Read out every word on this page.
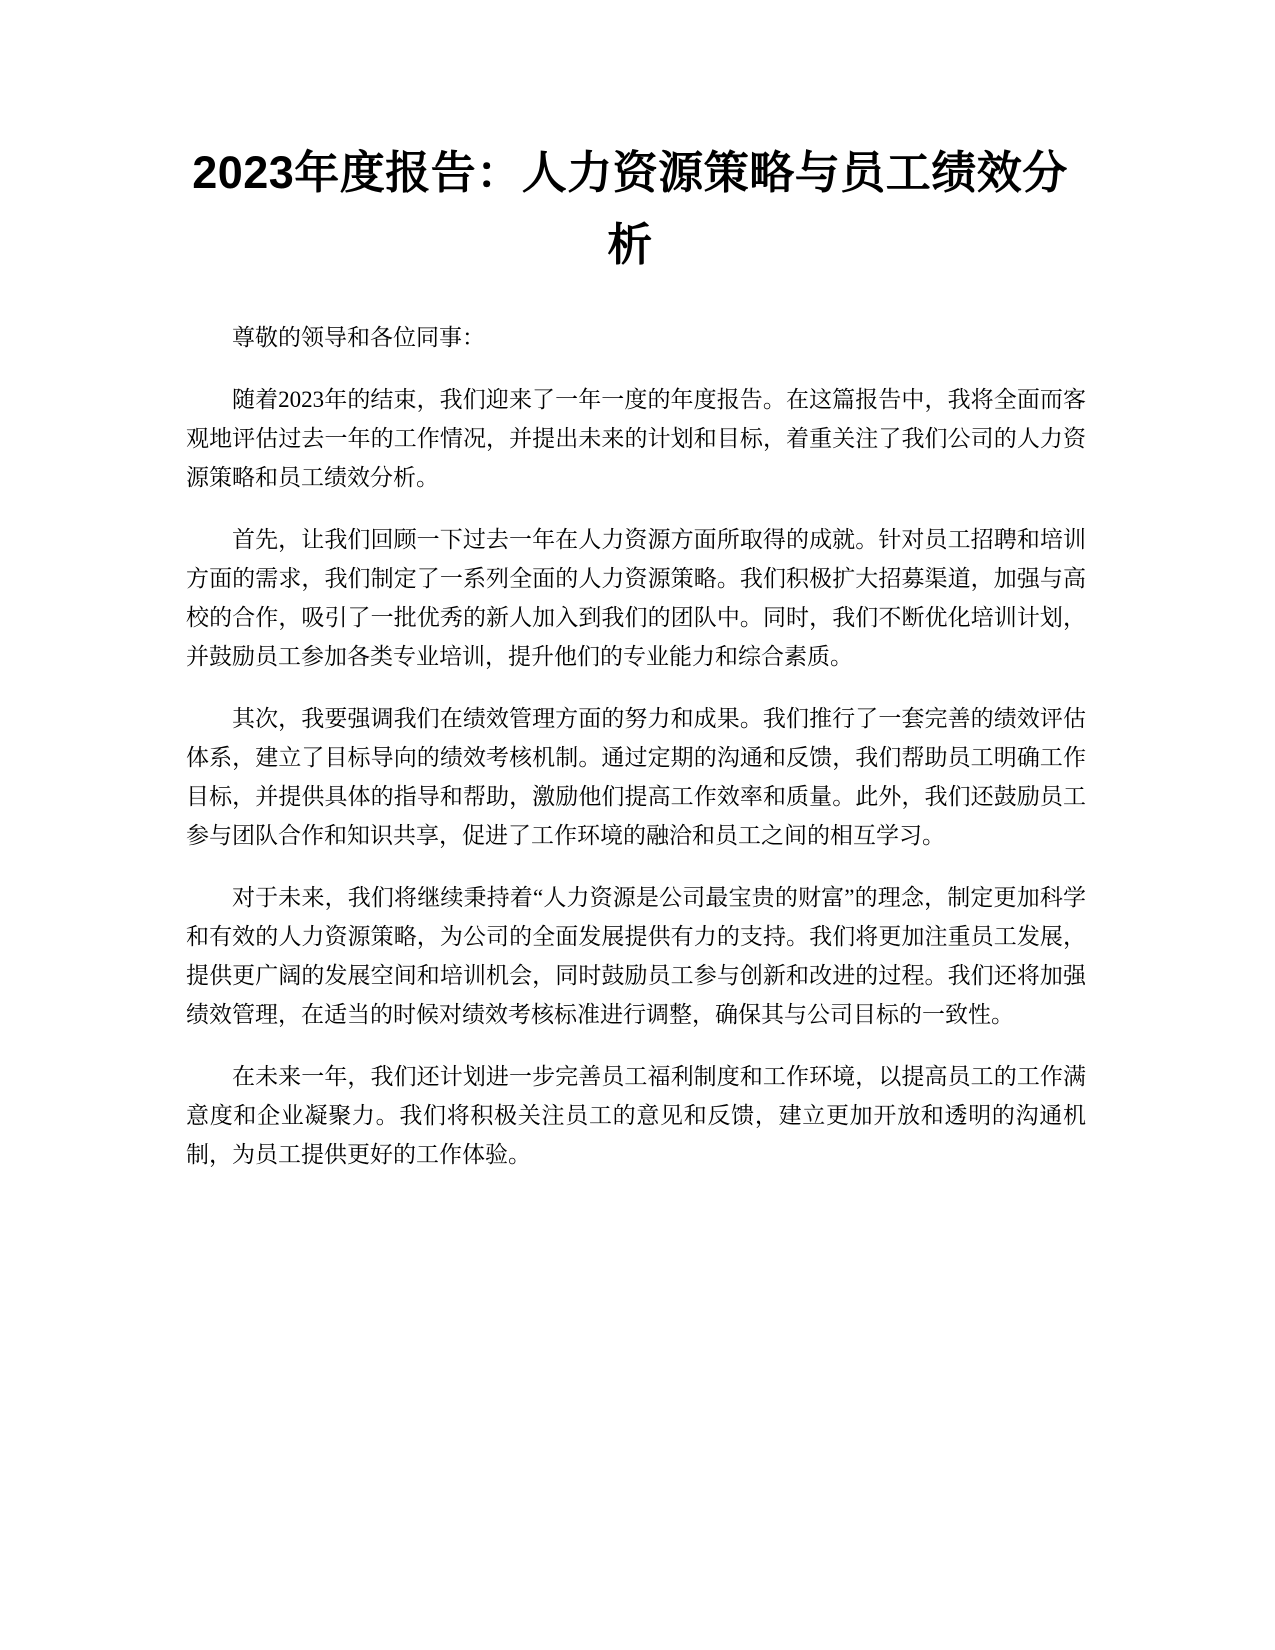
2023年度报告：人力资源策略与员工绩效分析

尊敬的领导和各位同事：

随着2023年的结束，我们迎来了一年一度的年度报告。在这篇报告中，我将全面而客观地评估过去一年的工作情况，并提出未来的计划和目标，着重关注了我们公司的人力资源策略和员工绩效分析。

首先，让我们回顾一下过去一年在人力资源方面所取得的成就。针对员工招聘和培训方面的需求，我们制定了一系列全面的人力资源策略。我们积极扩大招募渠道，加强与高校的合作，吸引了一批优秀的新人加入到我们的团队中。同时，我们不断优化培训计划，并鼓励员工参加各类专业培训，提升他们的专业能力和综合素质。

其次，我要强调我们在绩效管理方面的努力和成果。我们推行了一套完善的绩效评估体系，建立了目标导向的绩效考核机制。通过定期的沟通和反馈，我们帮助员工明确工作目标，并提供具体的指导和帮助，激励他们提高工作效率和质量。此外，我们还鼓励员工参与团队合作和知识共享，促进了工作环境的融洽和员工之间的相互学习。

对于未来，我们将继续秉持着“人力资源是公司最宝贵的财富”的理念，制定更加科学和有效的人力资源策略，为公司的全面发展提供有力的支持。我们将更加注重员工发展，提供更广阔的发展空间和培训机会，同时鼓励员工参与创新和改进的过程。我们还将加强绩效管理，在适当的时候对绩效考核标准进行调整，确保其与公司目标的一致性。

在未来一年，我们还计划进一步完善员工福利制度和工作环境，以提高员工的工作满意度和企业凝聚力。我们将积极关注员工的意见和反馈，建立更加开放和透明的沟通机制，为员工提供更好的工作体验。
